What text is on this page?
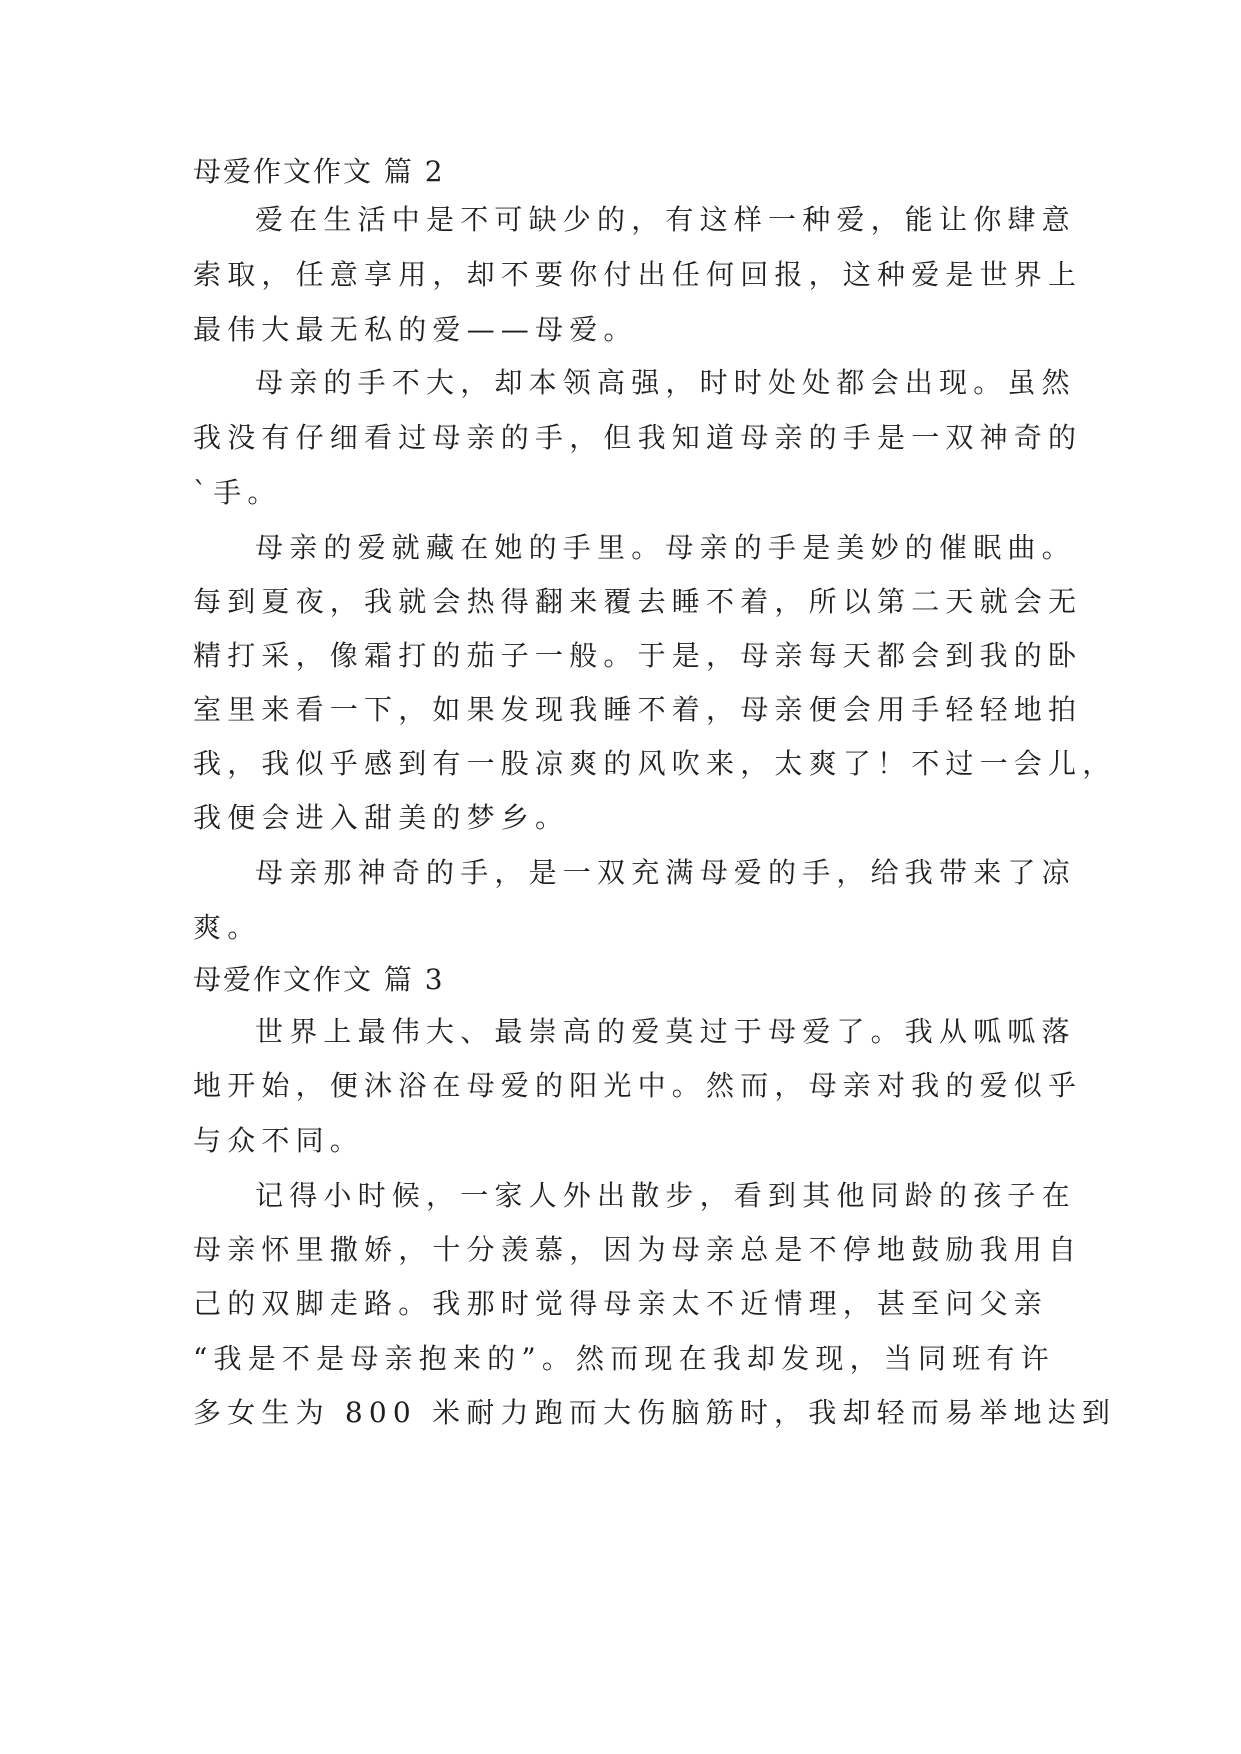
母爱作文作文 篇 2
爱在生活中是不可缺少的，有这样一种爱，能让你肆意
索取，任意享用，却不要你付出任何回报，这种爱是世界上
最伟大最无私的爱——母爱。
母亲的手不大，却本领高强，时时处处都会出现。虽然
我没有仔细看过母亲的手，但我知道母亲的手是一双神奇的
`手。
母亲的爱就藏在她的手里。母亲的手是美妙的催眠曲。
每到夏夜，我就会热得翻来覆去睡不着，所以第二天就会无
精打采，像霜打的茄子一般。于是，母亲每天都会到我的卧
室里来看一下，如果发现我睡不着，母亲便会用手轻轻地拍
我，我似乎感到有一股凉爽的风吹来，太爽了！不过一会儿，
我便会进入甜美的梦乡。
母亲那神奇的手，是一双充满母爱的手，给我带来了凉
爽。
母爱作文作文 篇 3
世界上最伟大、最崇高的爱莫过于母爱了。我从呱呱落
地开始，便沐浴在母爱的阳光中。然而，母亲对我的爱似乎
与众不同。
记得小时候，一家人外出散步，看到其他同龄的孩子在
母亲怀里撒娇，十分羡慕，因为母亲总是不停地鼓励我用自
己的双脚走路。我那时觉得母亲太不近情理，甚至问父亲
“我是不是母亲抱来的”。然而现在我却发现，当同班有许
多女生为 800 米耐力跑而大伤脑筋时，我却轻而易举地达到
